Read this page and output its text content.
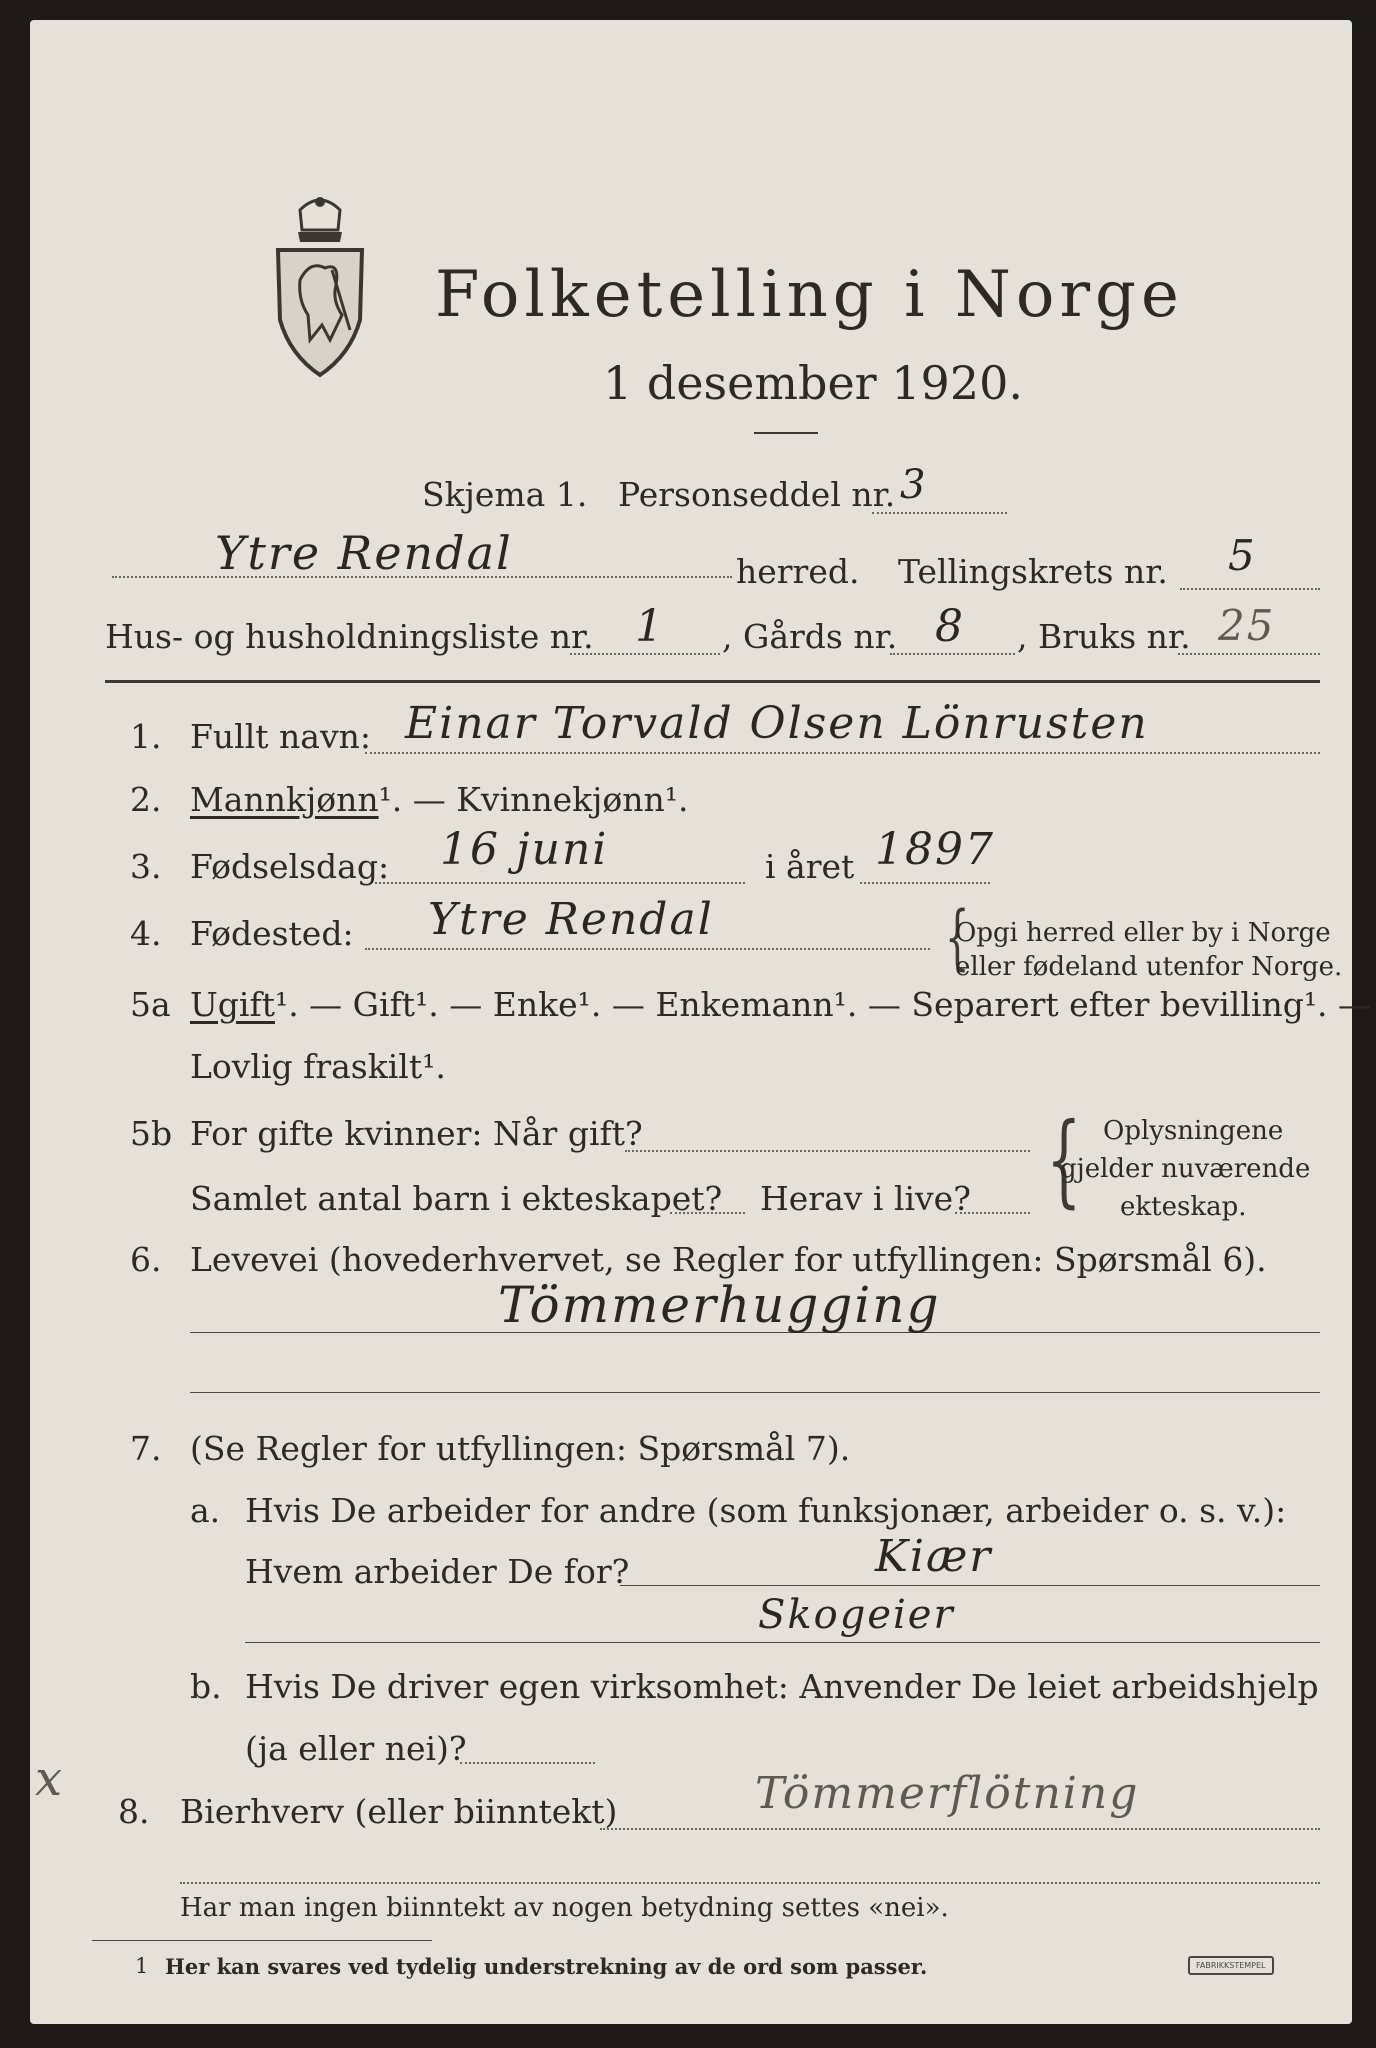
Folketelling i Norge
1 desember 1920.
Skjema 1. Personseddel nr. 3
Ytre Rendal	herred. Tellingskrets nr. 5
Hus- og husholdningsliste nr. 1 , Gårds nr. 8 , Bruks nr. 25
1. Fullt navn: Einar Torvald Olsen Lönrusten
2. Mannkjønn¹. — Kvinnekjønn¹.
3. Fødselsdag: 16 juni	i året 1897
4. Fødested: Ytre Rendal	{
Opgi herred eller by i Norge
eller fødeland utenfor Norge.
5a Ugift¹. — Gift¹. — Enke¹. — Enkemann¹. — Separert efter bevilling¹. —
Lovlig fraskilt¹.
5b For gifte kvinner: Når gift?
Samlet antal barn i ekteskapet? Herav i live? { Oplysningene
gjelder nuværende
ekteskap.
6. Levevei (hovederhvervet, se Regler for utfyllingen: Spørsmål 6).
Tömmerhugging
7. (Se Regler for utfyllingen: Spørsmål 7).
a. Hvis De arbeider for andre (som funksjonær, arbeider o. s. v.):
Hvem arbeider De for?	Kiær
Skogeier
b. Hvis De driver egen virksomhet: Anvender De leiet arbeidshjelp
(ja eller nei)?
x
8. Bierhverv (eller biinntekt)	Tömmerflötning
Har man ingen biinntekt av nogen betydning settes «nei».
1 Her kan svares ved tydelig understrekning av de ord som passer.	FABRIKKSTEMPEL
